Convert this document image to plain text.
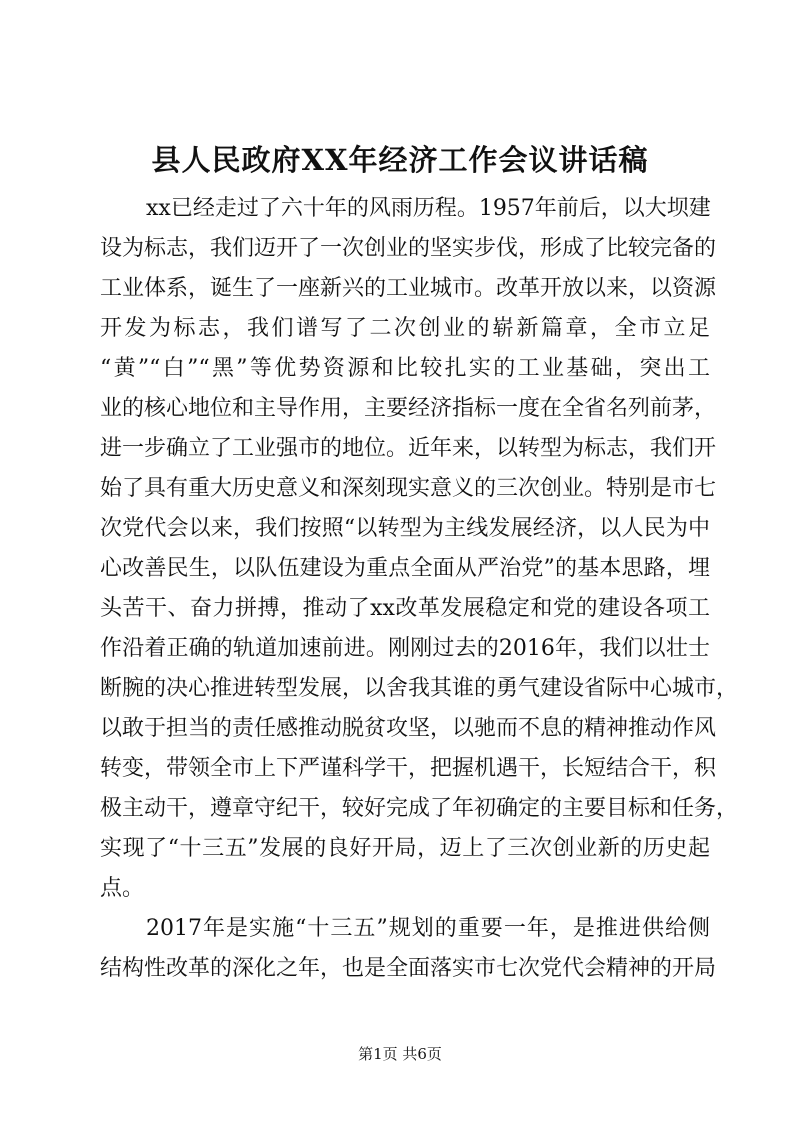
县人民政府XX年经济工作会议讲话稿
xx已经走过了六十年的风雨历程。1957年前后，以大坝建
设为标志，我们迈开了一次创业的坚实步伐，形成了比较完备的
工业体系，诞生了一座新兴的工业城市。改革开放以来，以资源
开发为标志，我们谱写了二次创业的崭新篇章，全市立足
“黄”“白”“黑”等优势资源和比较扎实的工业基础，突出工
业的核心地位和主导作用，主要经济指标一度在全省名列前茅，
进一步确立了工业强市的地位。近年来，以转型为标志，我们开
始了具有重大历史意义和深刻现实意义的三次创业。特别是市七
次党代会以来，我们按照“以转型为主线发展经济，以人民为中
心改善民生，以队伍建设为重点全面从严治党”的基本思路，埋
头苦干、奋力拼搏，推动了xx改革发展稳定和党的建设各项工
作沿着正确的轨道加速前进。刚刚过去的2016年，我们以壮士
断腕的决心推进转型发展，以舍我其谁的勇气建设省际中心城市，
以敢于担当的责任感推动脱贫攻坚，以驰而不息的精神推动作风
转变，带领全市上下严谨科学干，把握机遇干，长短结合干，积
极主动干，遵章守纪干，较好完成了年初确定的主要目标和任务，
实现了“十三五”发展的良好开局，迈上了三次创业新的历史起
点。
2017年是实施“十三五”规划的重要一年，是推进供给侧
结构性改革的深化之年，也是全面落实市七次党代会精神的开局
第1页 共6页
